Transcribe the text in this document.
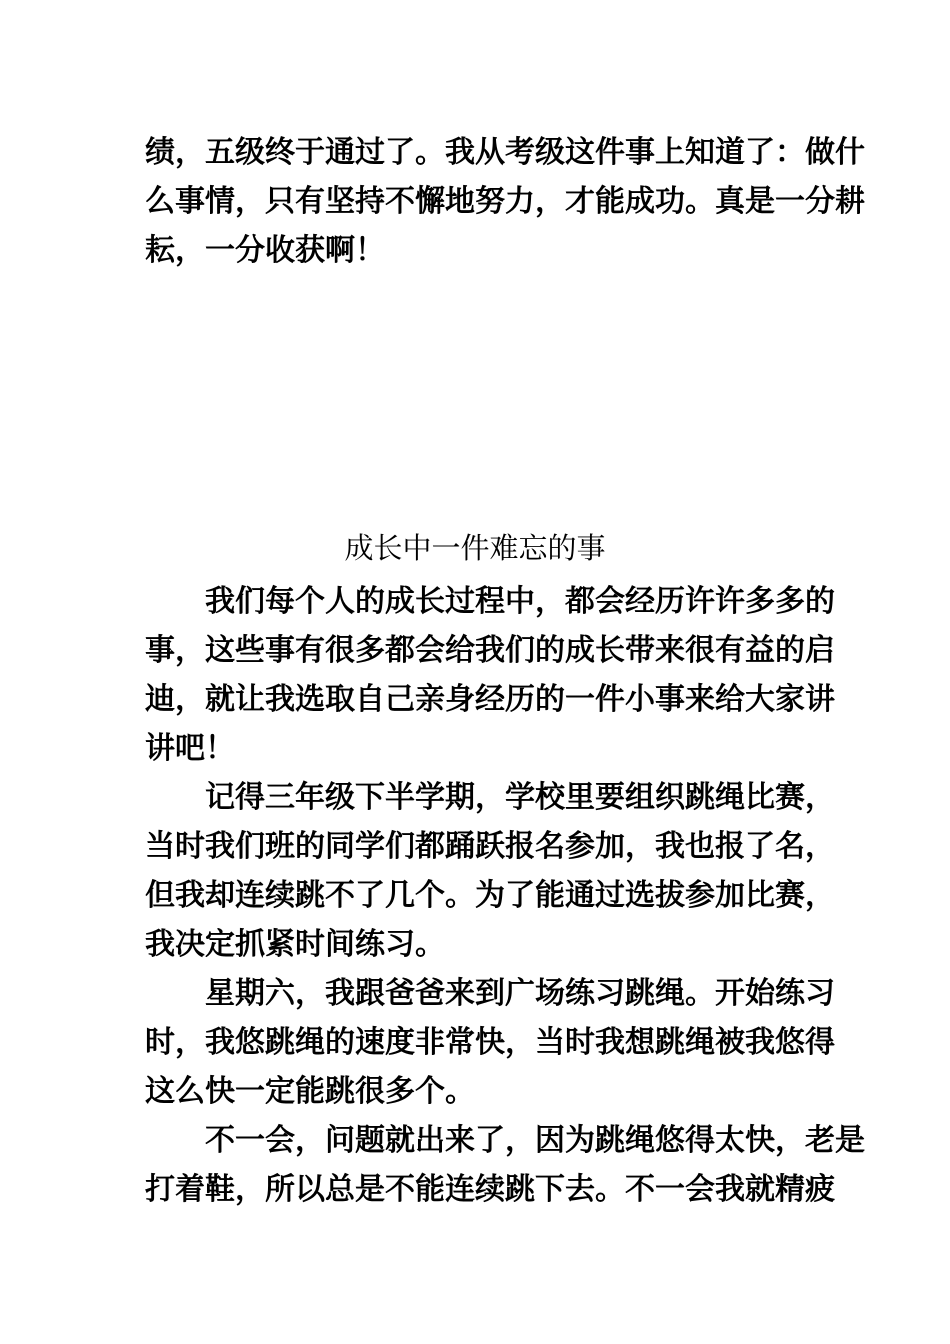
绩，五级终于通过了。我从考级这件事上知道了：做什
么事情，只有坚持不懈地努力，才能成功。真是一分耕
耘，一分收获啊！
成长中一件难忘的事
我们每个人的成长过程中，都会经历许许多多的
事，这些事有很多都会给我们的成长带来很有益的启
迪，就让我选取自己亲身经历的一件小事来给大家讲
讲吧！
记得三年级下半学期，学校里要组织跳绳比赛，
当时我们班的同学们都踊跃报名参加，我也报了名，
但我却连续跳不了几个。为了能通过选拔参加比赛，
我决定抓紧时间练习。
星期六，我跟爸爸来到广场练习跳绳。开始练习
时，我悠跳绳的速度非常快，当时我想跳绳被我悠得
这么快一定能跳很多个。
不一会，问题就出来了，因为跳绳悠得太快，老是
打着鞋，所以总是不能连续跳下去。不一会我就精疲
